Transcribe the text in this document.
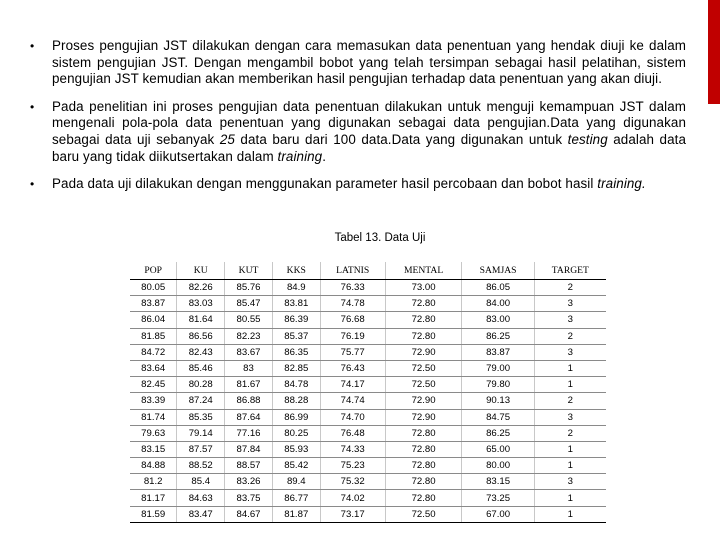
• Proses pengujian JST dilakukan dengan cara memasukan data penentuan yang hendak diuji ke dalam sistem pengujian JST. Dengan mengambil bobot yang telah tersimpan sebagai hasil pelatihan, sistem pengujian JST kemudian akan memberikan hasil pengujian terhadap data penentuan yang akan diuji.
• Pada penelitian ini proses pengujian data penentuan dilakukan untuk menguji kemampuan JST dalam mengenali pola-pola data penentuan yang digunakan sebagai data pengujian.Data yang digunakan sebagai data uji sebanyak 25 data baru dari 100 data.Data yang digunakan untuk testing adalah data baru yang tidak diikutsertakan dalam training.
• Pada data uji dilakukan dengan menggunakan parameter hasil percobaan dan bobot hasil training.
Tabel 13. Data Uji
POP	KU	KUT	KKS	LATNIS	MENTAL	SAMJAS	TARGET
80.05	82.26	85.76	84.9	76.33	73.00	86.05	2
83.87	83.03	85.47	83.81	74.78	72.80	84.00	3
86.04	81.64	80.55	86.39	76.68	72.80	83.00	3
81.85	86.56	82.23	85.37	76.19	72.80	86.25	2
84.72	82.43	83.67	86.35	75.77	72.90	83.87	3
83.64	85.46	83	82.85	76.43	72.50	79.00	1
82.45	80.28	81.67	84.78	74.17	72.50	79.80	1
83.39	87.24	86.88	88.28	74.74	72.90	90.13	2
81.74	85.35	87.64	86.99	74.70	72.90	84.75	3
79.63	79.14	77.16	80.25	76.48	72.80	86.25	2
83.15	87.57	87.84	85.93	74.33	72.80	65.00	1
84.88	88.52	88.57	85.42	75.23	72.80	80.00	1
81.2	85.4	83.26	89.4	75.32	72.80	83.15	3
81.17	84.63	83.75	86.77	74.02	72.80	73.25	1
81.59	83.47	84.67	81.87	73.17	72.50	67.00	1
